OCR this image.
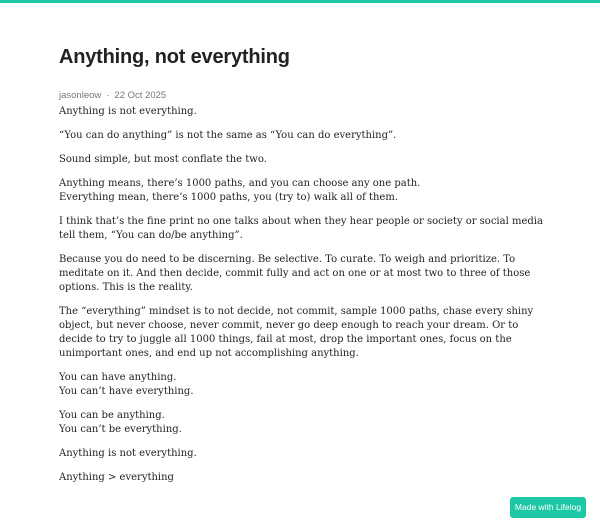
Anything, not everything
jasonleow · 22 Oct 2025

Anything is not everything.

“You can do anything” is not the same as “You can do everything”.

Sound simple, but most conflate the two.

Anything means, there’s 1000 paths, and you can choose any one path.
Everything mean, there’s 1000 paths, you (try to) walk all of them.

I think that’s the fine print no one talks about when they hear people or society or social media tell them, “You can do/be anything”.

Because you do need to be discerning. Be selective. To curate. To weigh and prioritize. To meditate on it. And then decide, commit fully and act on one or at most two to three of those options. This is the reality.

The “everything” mindset is to not decide, not commit, sample 1000 paths, chase every shiny object, but never choose, never commit, never go deep enough to reach your dream. Or to decide to try to juggle all 1000 things, fail at most, drop the important ones, focus on the unimportant ones, and end up not accomplishing anything.

You can have anything.
You can’t have everything.

You can be anything.
You can’t be everything.

Anything is not everything.

Anything > everything

Made with Lifelog
